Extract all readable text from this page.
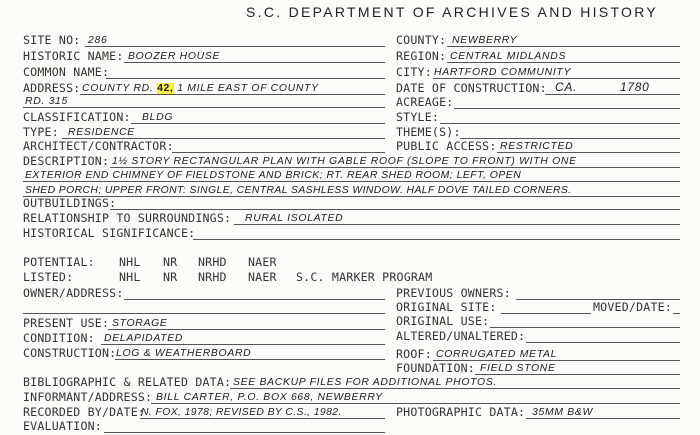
S.C. DEPARTMENT OF ARCHIVES AND HISTORY
SITE NO: 286
HISTORIC NAME: BOOZER HOUSE
COMMON NAME:
ADDRESS: COUNTY RD. 42, 1 MILE EAST OF COUNTY
RD. 315
CLASSIFICATION: BLDG
TYPE: RESIDENCE
ARCHITECT/CONTRACTOR:
COUNTY: NEWBERRY
REGION: CENTRAL MIDLANDS
CITY: HARTFORD COMMUNITY
DATE OF CONSTRUCTION: CA.	1780
ACREAGE:
STYLE:
THEME(S):
PUBLIC ACCESS: RESTRICTED
DESCRIPTION: 1½ STORY RECTANGULAR PLAN WITH GABLE ROOF (SLOPE TO FRONT) WITH ONE
EXTERIOR END CHIMNEY OF FIELDSTONE AND BRICK; RT. REAR SHED ROOM; LEFT, OPEN
SHED PORCH; UPPER FRONT: SINGLE, CENTRAL SASHLESS WINDOW. HALF DOVE TAILED CORNERS.
OUTBUILDINGS:
RELATIONSHIP TO SURROUNDINGS: RURAL ISOLATED
HISTORICAL SIGNIFICANCE:
POTENTIAL: NHL NR NRHD NAER
LISTED:	NHL NR NRHD NAER S.C. MARKER PROGRAM
OWNER/ADDRESS:	PREVIOUS OWNERS:
ORIGINAL SITE:	MOVED/DATE:
ORIGINAL USE:
ALTERED/UNALTERED:
PRESENT USE: STORAGE
CONDITION: DELAPIDATED
CONSTRUCTION: LOG & WEATHERBOARD	ROOF: CORRUGATED METAL
FOUNDATION: FIELD STONE
BIBLIOGRAPHIC & RELATED DATA: SEE BACKUP FILES FOR ADDITIONAL PHOTOS.
INFORMANT/ADDRESS: BILL CARTER, P.O. BOX 668, NEWBERRY
RECORDED BY/DATE:
N. FOX, 1978; REVISED BY C.S., 1982.	PHOTOGRAPHIC DATA: 35MM B&W
EVALUATION:
